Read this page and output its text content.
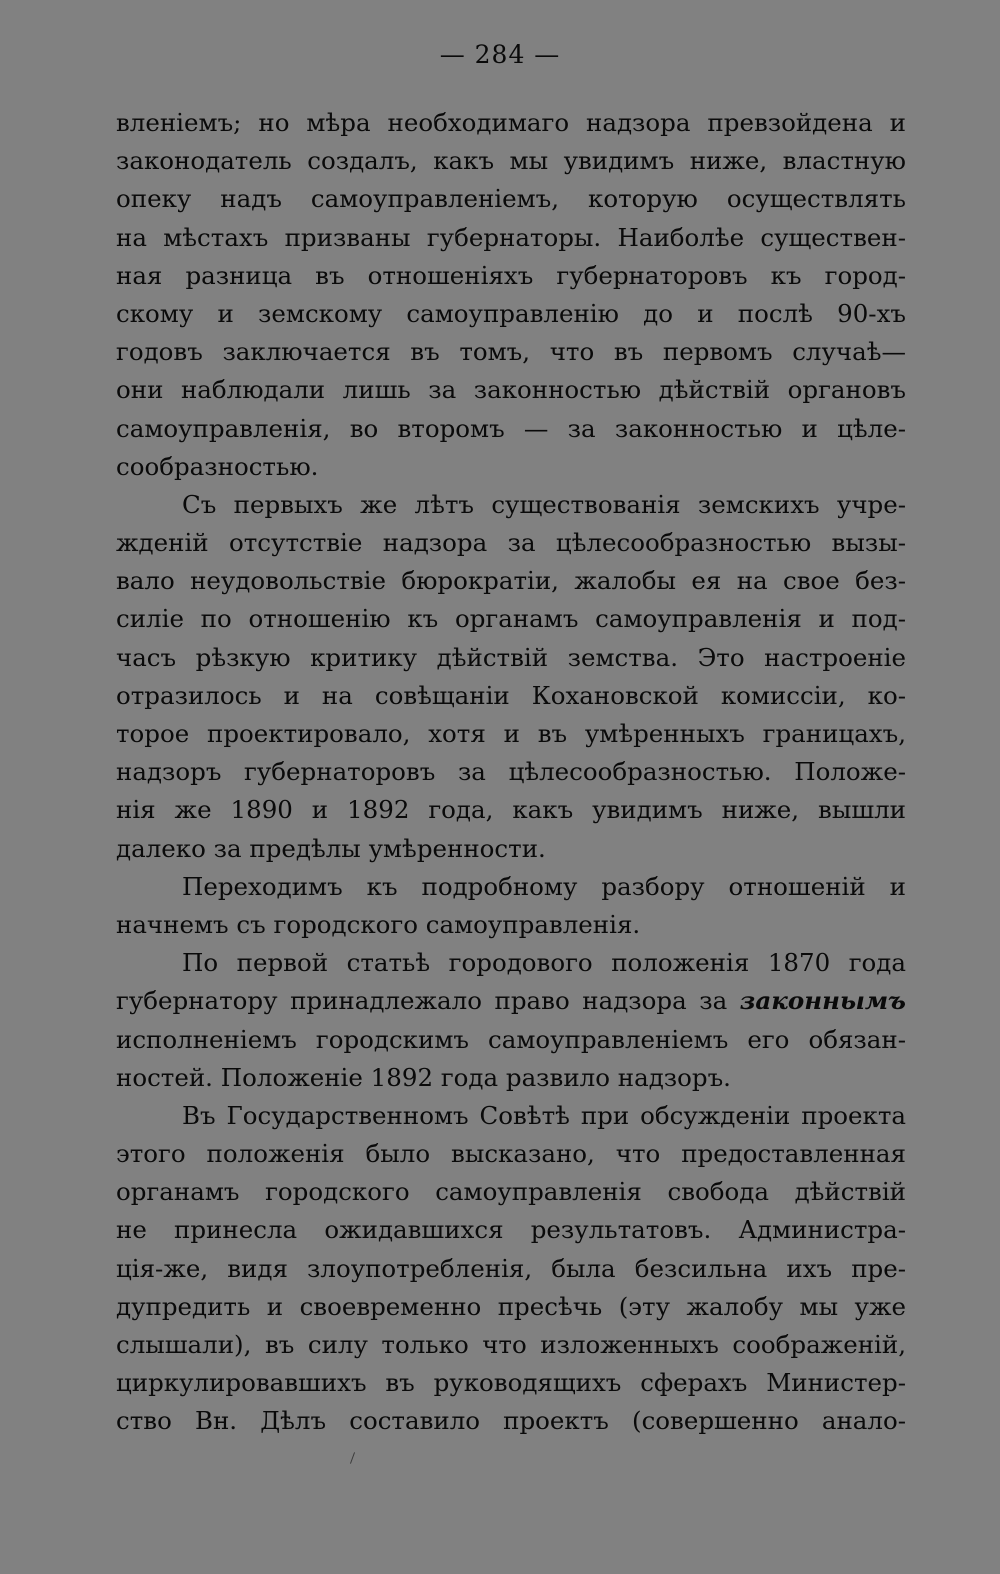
— 284 —
вленіемъ; но мѣра необходимаго надзора превзойдена и
законодатель создалъ, какъ мы увидимъ ниже, властную
опеку надъ самоуправленіемъ, которую осуществлять
на мѣстахъ призваны губернаторы. Наиболѣе существен-
ная разница въ отношеніяхъ губернаторовъ къ город-
скому и земскому самоуправленію до и послѣ 90-хъ
годовъ заключается въ томъ, что въ первомъ случаѣ—
они наблюдали лишь за законностью дѣйствій органовъ
самоуправленія, во второмъ — за законностью и цѣле-
сообразностью.
Съ первыхъ же лѣтъ существованія земскихъ учре-
жденій отсутствіе надзора за цѣлесообразностью вызы-
вало неудовольствіе бюрократіи, жалобы ея на свое без-
силіе по отношенію къ органамъ самоуправленія и под-
часъ рѣзкую критику дѣйствій земства. Это настроеніе
отразилось и на совѣщаніи Кохановской комиссіи, ко-
торое проектировало, хотя и въ умѣренныхъ границахъ,
надзоръ губернаторовъ за цѣлесообразностью. Положе-
нія же 1890 и 1892 года, какъ увидимъ ниже, вышли
далеко за предѣлы умѣренности.
Переходимъ къ подробному разбору отношеній и
начнемъ съ городского самоуправленія.
По первой статьѣ городового положенія 1870 года
губернатору принадлежало право надзора за законнымъ
исполненіемъ городскимъ самоуправленіемъ его обязан-
ностей. Положеніе 1892 года развило надзоръ.
Въ Государственномъ Совѣтѣ при обсужденіи проекта
этого положенія было высказано, что предоставленная
органамъ городского самоуправленія свобода дѣйствій
не принесла ожидавшихся результатовъ. Администра-
ція-же, видя злоупотребленія, была безсильна ихъ пре-
дупредить и своевременно пресѣчь (эту жалобу мы уже
слышали), въ силу только что изложенныхъ соображеній,
циркулировавшихъ въ руководящихъ сферахъ Министер-
ство Вн. Дѣлъ составило проектъ (совершенно анало-
